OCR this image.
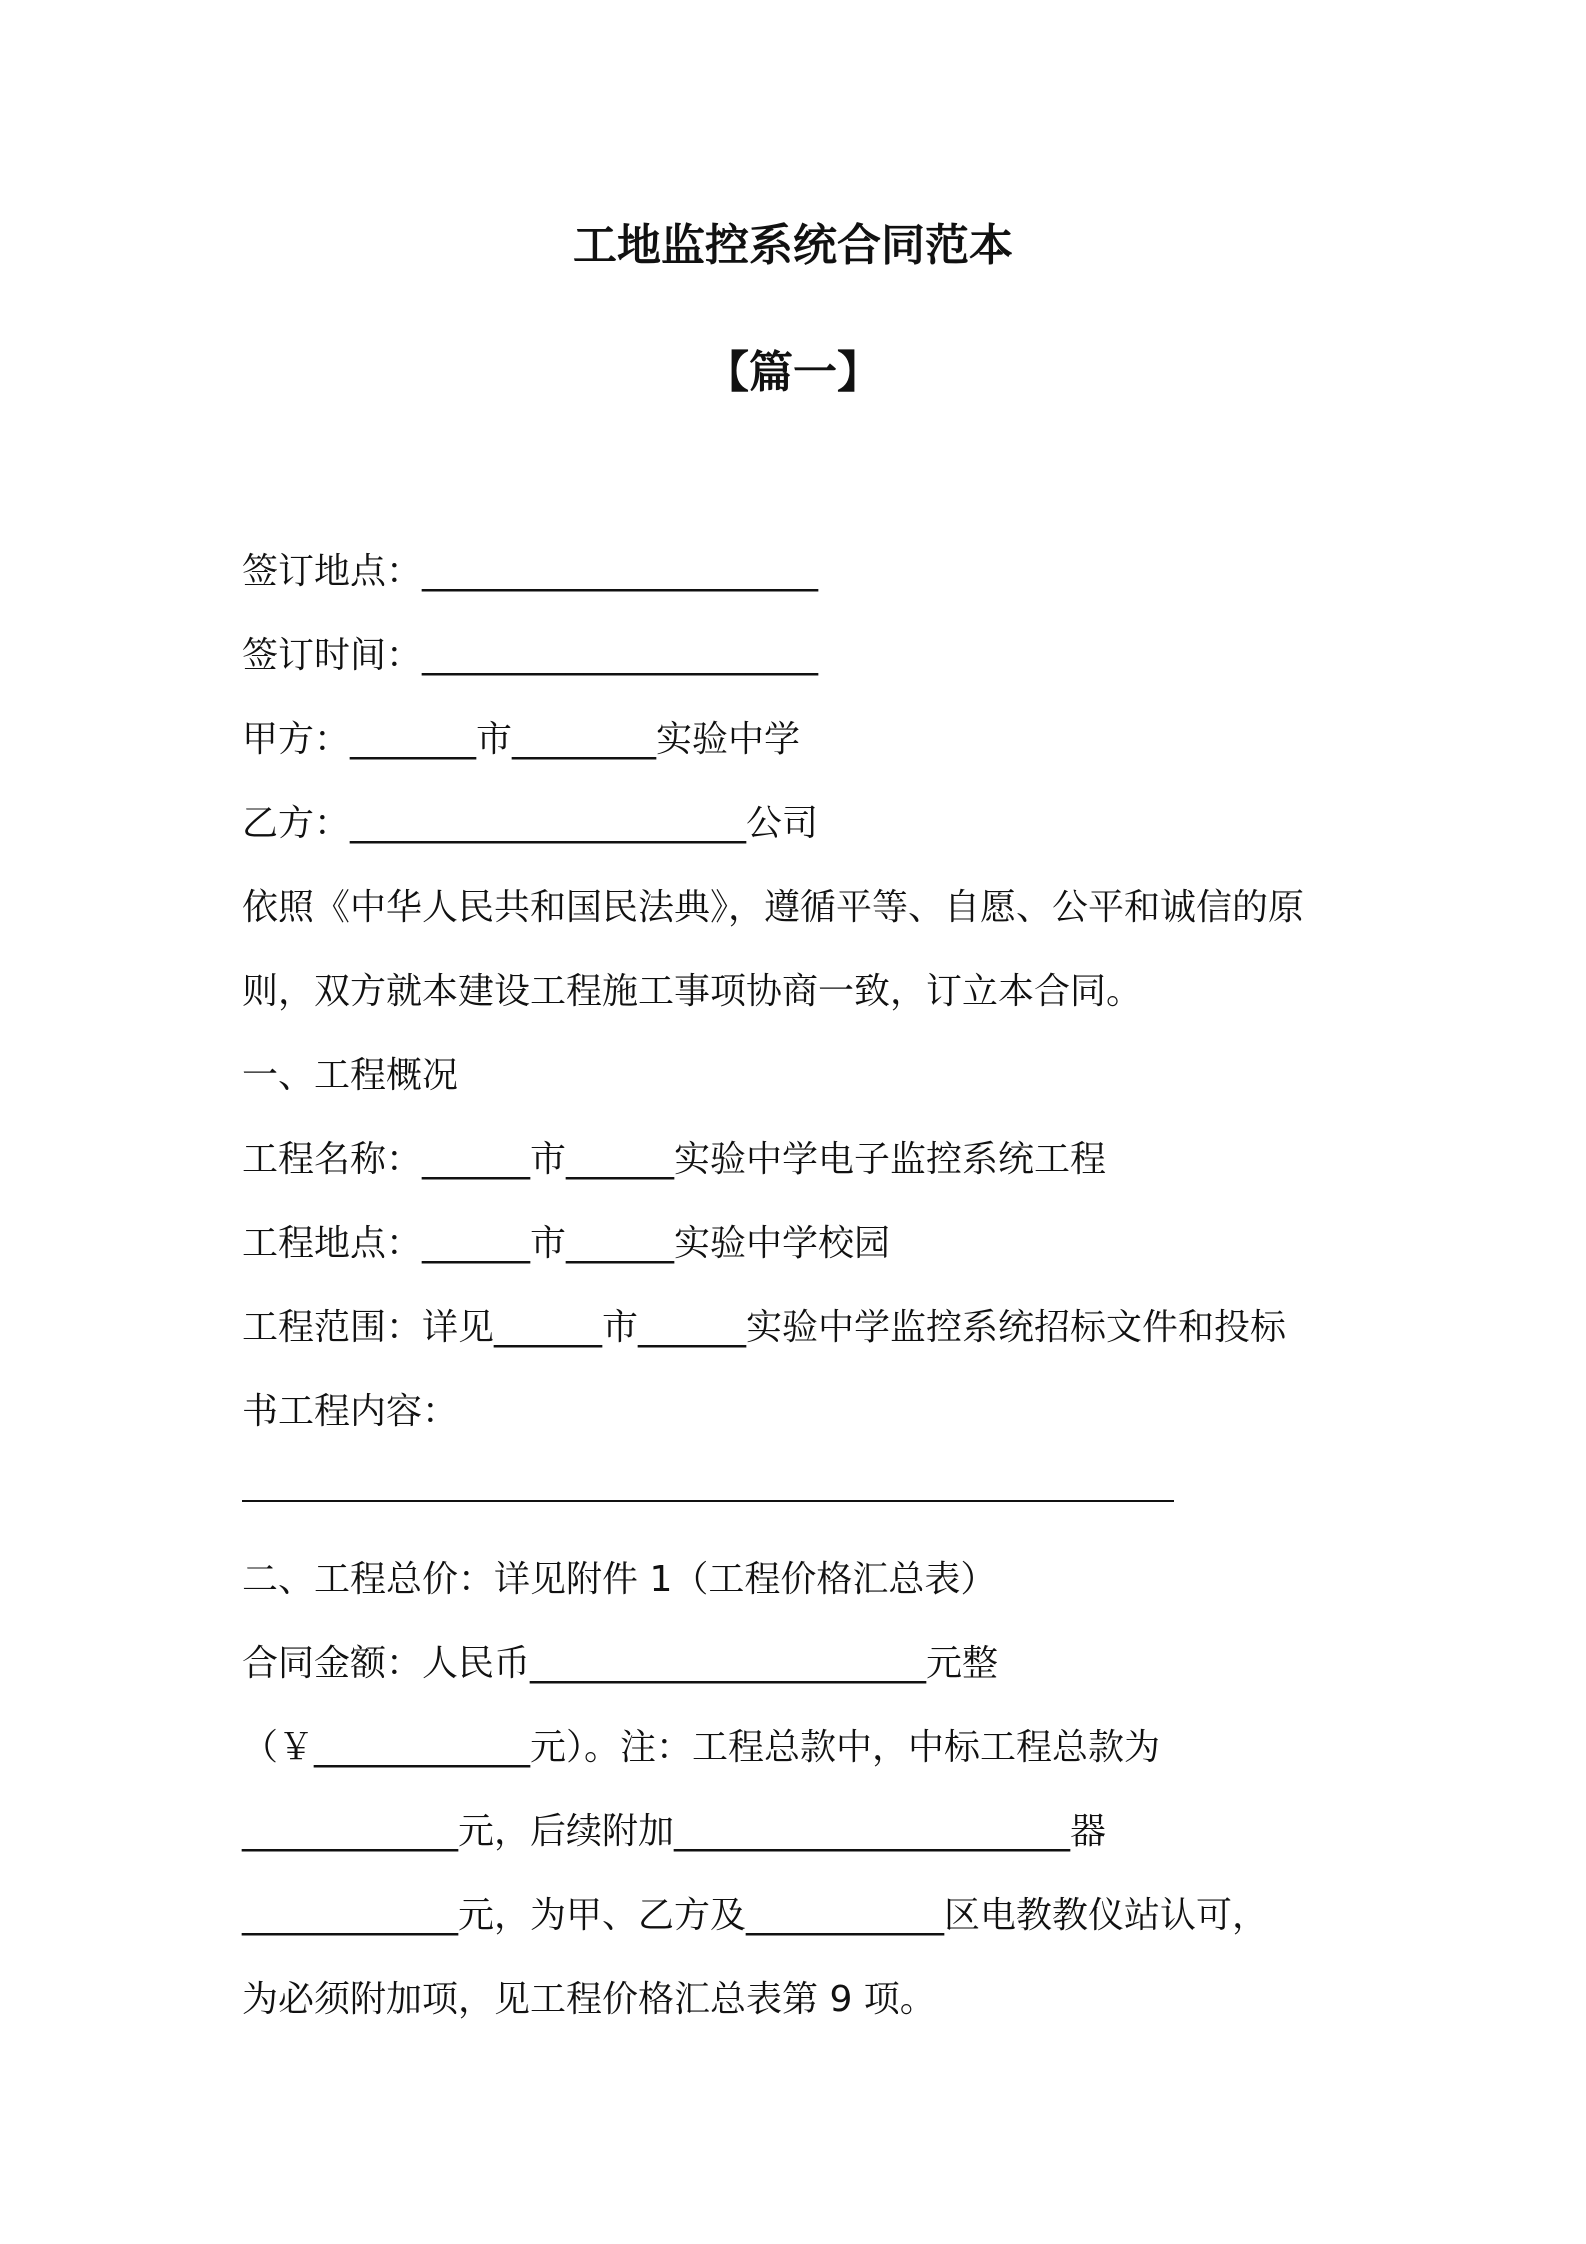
工地监控系统合同范本
【篇一】

签订地点：______________________

签订时间：______________________

甲方：_______市________实验中学

乙方：______________________公司

依照《中华人民共和国民法典》，遵循平等、自愿、公平和诚信的原

则，双方就本建设工程施工事项协商一致，订立本合同。

一、工程概况

工程名称：______市______实验中学电子监控系统工程

工程地点：______市______实验中学校园

工程范围：详见______市______实验中学监控系统招标文件和投标

书工程内容：

二、工程总价：详见附件 1（工程价格汇总表）

合同金额：人民币______________________元整

（￥____________元）。注：工程总款中，中标工程总款为

____________元，后续附加______________________器

____________元，为甲、乙方及___________区电教教仪站认可，

为必须附加项，见工程价格汇总表第 9 项。
